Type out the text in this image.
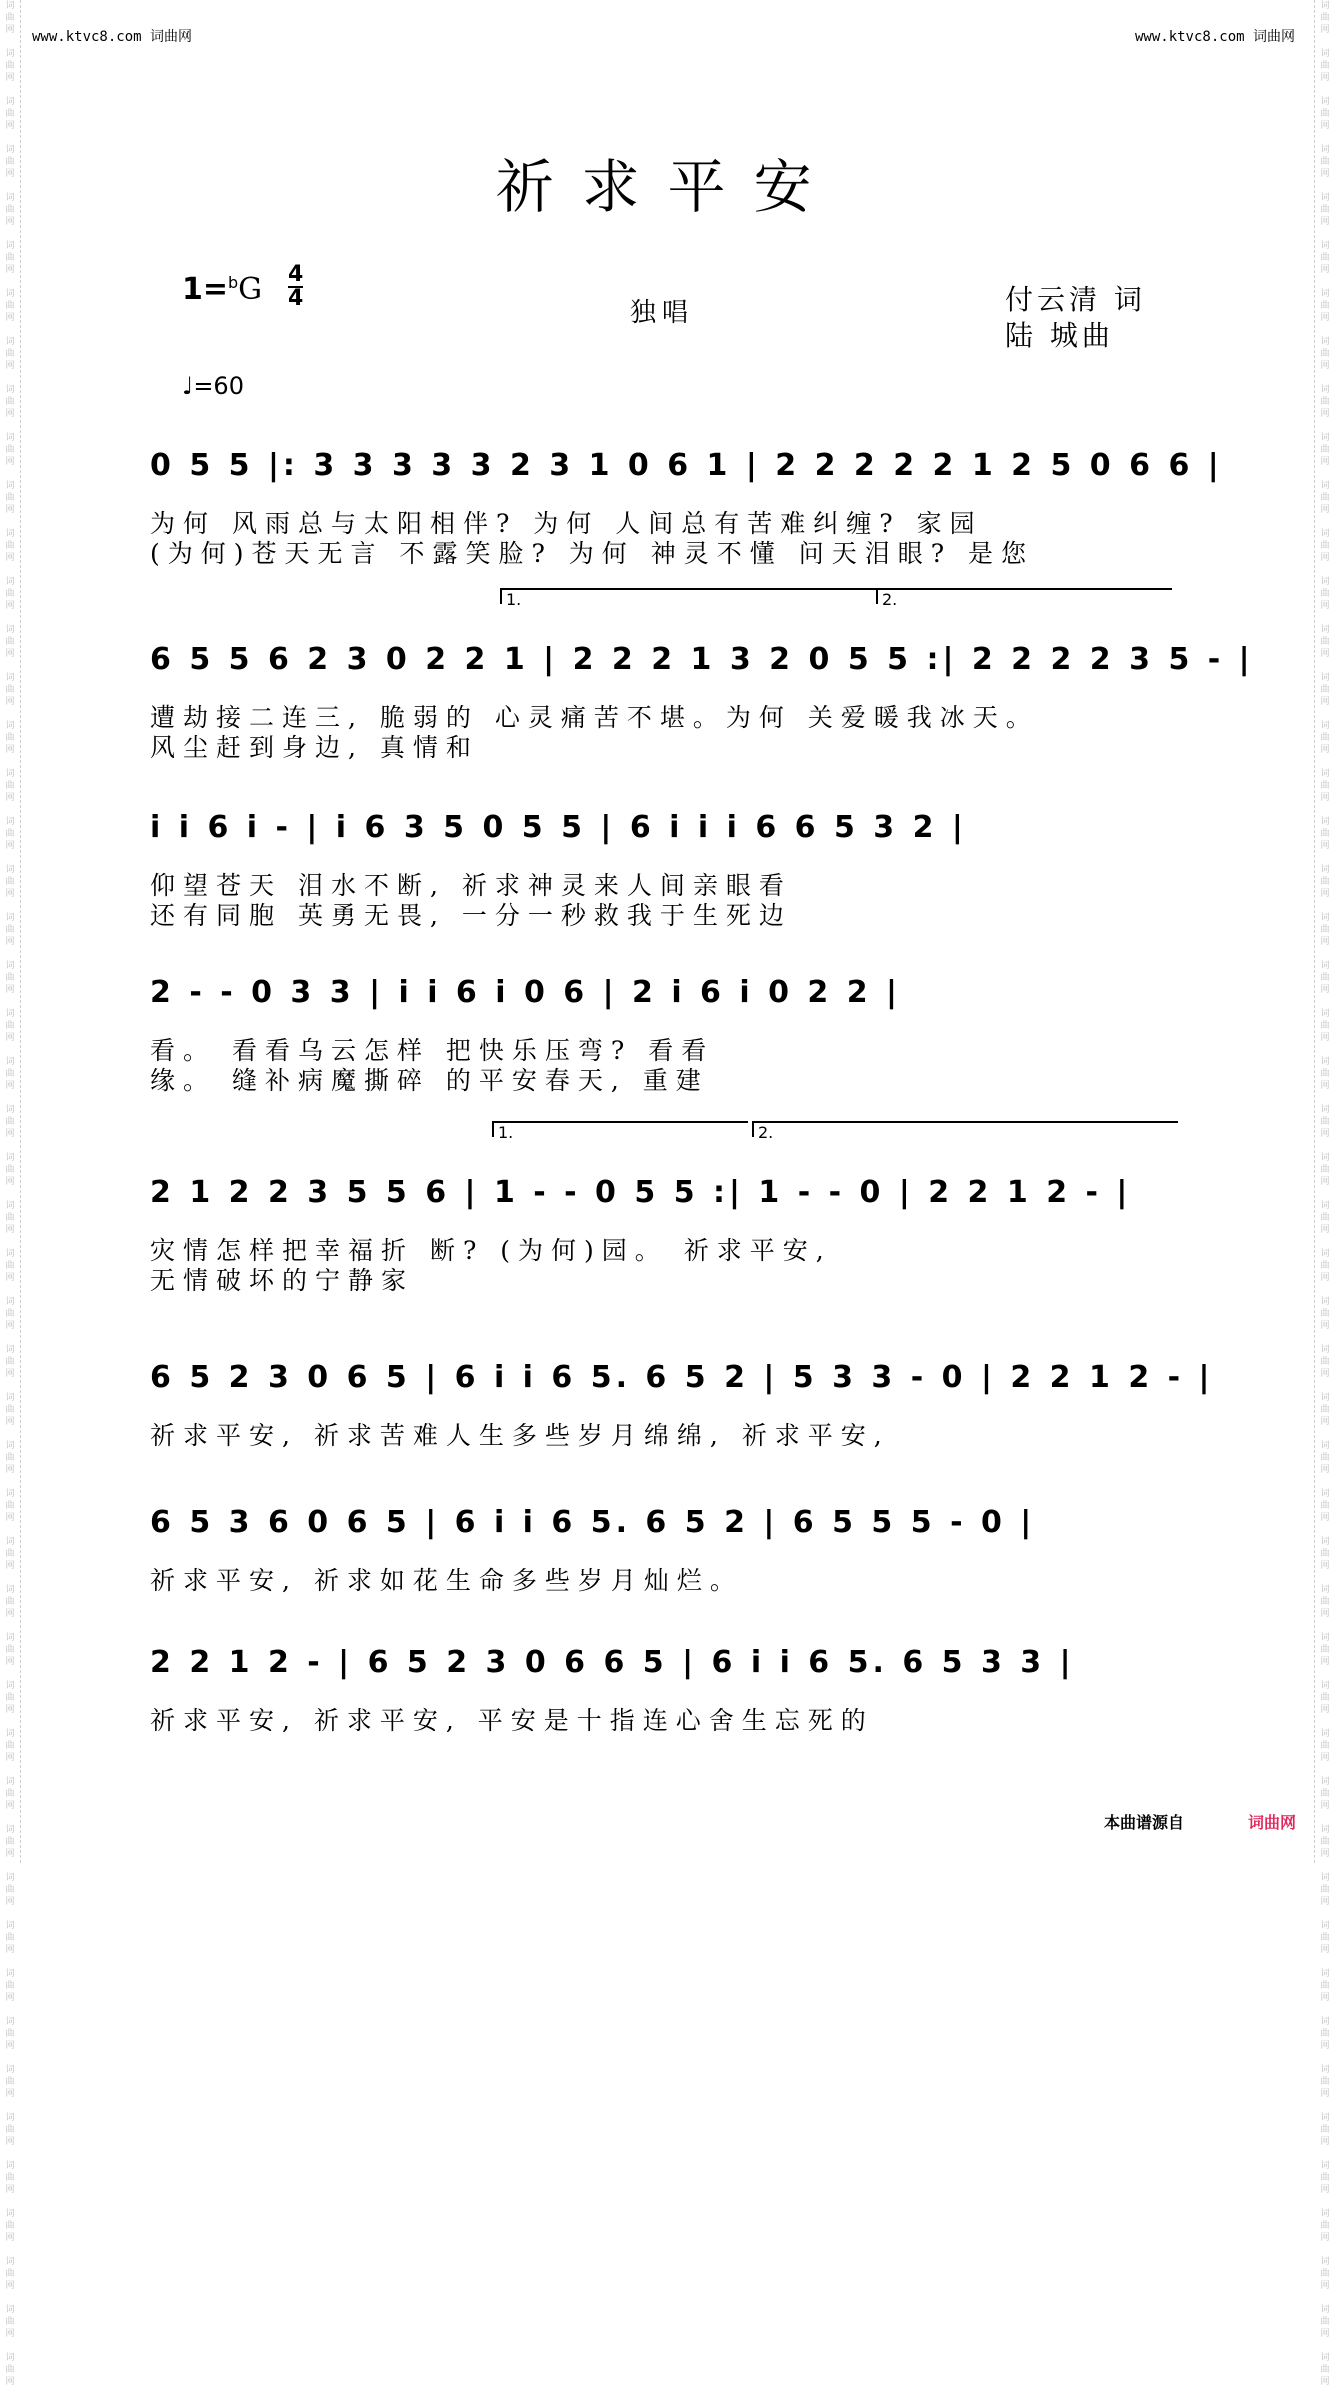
词
曲
网

词
曲
网

词
曲
网

词
曲
网

词
曲
网

词
曲
网

词
曲
网

词
曲
网

词
曲
网

词
曲
网

词
曲
网

词
曲
网

词
曲
网

词
曲
网

词
曲
网

词
曲
网

词
曲
网

词
曲
网

词
曲
网

词
曲
网

词
曲
网

词
曲
网

词
曲
网

词
曲
网

词
曲
网

词
曲
网

词
曲
网

词
曲
网

词
曲
网

词
曲
网

词
曲
网

词
曲
网

词
曲
网

词
曲
网

词
曲
网

词
曲
网

词
曲
网

词
曲
网

词
曲
网

词
曲
网

词
曲
网

词
曲
网

词
曲
网

词
曲
网

词
曲
网

词
曲
网

词
曲
网

词
曲
网

词
曲
网

词
曲
网

词
曲
网

词
曲
网

词
曲
网

词
曲
网

词
曲
网

词
曲
网

词
曲
网

词
曲
网

词
曲
网

词
曲
网

词
曲
网

词
曲
网

词
曲
网

词
曲
网

词
曲
网

词
曲
网

词
曲
网

词
曲
网

词
曲
网

词
曲
网

词
曲
网

词
曲
网

词
曲
网

词
曲
网

词
曲
网

词
曲
网

词
曲
网

词
曲
网

词
曲
网

词
曲
网

词
曲
网

词
曲
网

词
曲
网

词
曲
网

词
曲
网

词
曲
网

词
曲
网

词
曲
网

词
曲
网

词
曲
网

词
曲
网

词
曲
网

词
曲
网

词
曲
网

词
曲
网

词
曲
网

词
曲
网

词
曲
网

词
曲
网

词
曲
网

www.ktvc8.com 词曲网	www.ktvc8.com 词曲网
祈求平安
1=$^b$G 4
4	独唱	付云清 词
陆 城曲
♩=60
0 5 5 |: 3 3 3 3 3 2 3 1 0 6 1 | 2 2 2 2 2 1 2 5 0 6 6 |
为何 风雨总与太阳相伴? 为何 人间总有苦难纠缠? 家园
(为何)苍天无言 不露笑脸? 为何 神灵不懂 问天泪眼? 是您
1.	2.
6 5 5 6 2 3 0 2 2 1 | 2 2 2 1 3 2 0 5 5 :| 2 2 2 2 3 5 - |
遭劫接二连三, 脆弱的 心灵痛苦不堪。为何 关爱暖我冰天。
风尘赶到身边, 真情和
i i 6 i - | i 6 3 5 0 5 5 | 6 i i i 6 6 5 3 2 |
仰望苍天 泪水不断, 祈求神灵来人间亲眼看
还有同胞 英勇无畏, 一分一秒救我于生死边
2 - - 0 3 3 | i i 6 i 0 6 | 2 i 6 i 0 2 2 |
看。 看看乌云怎样 把快乐压弯? 看看
缘。 缝补病魔撕碎 的平安春天, 重建
1.	2.
2 1 2 2 3 5 5 6 | 1 - - 0 5 5 :| 1 - - 0 | 2 2 1 2 - |
灾情怎样把幸福折 断? (为何)园。 祈求平安,
无情破坏的宁静家
6 5 2 3 0 6 5 | 6 i i 6 5. 6 5 2 | 5 3 3 - 0 | 2 2 1 2 - |
祈求平安, 祈求苦难人生多些岁月绵绵, 祈求平安,
6 5 3 6 0 6 5 | 6 i i 6 5. 6 5 2 | 6 5 5 5 - 0 |
祈求平安, 祈求如花生命多些岁月灿烂。
2 2 1 2 - | 6 5 2 3 0 6 6 5 | 6 i i 6 5. 6 5 3 3 |
祈求平安, 祈求平安, 平安是十指连心舍生忘死的
本曲谱源自	词曲网
